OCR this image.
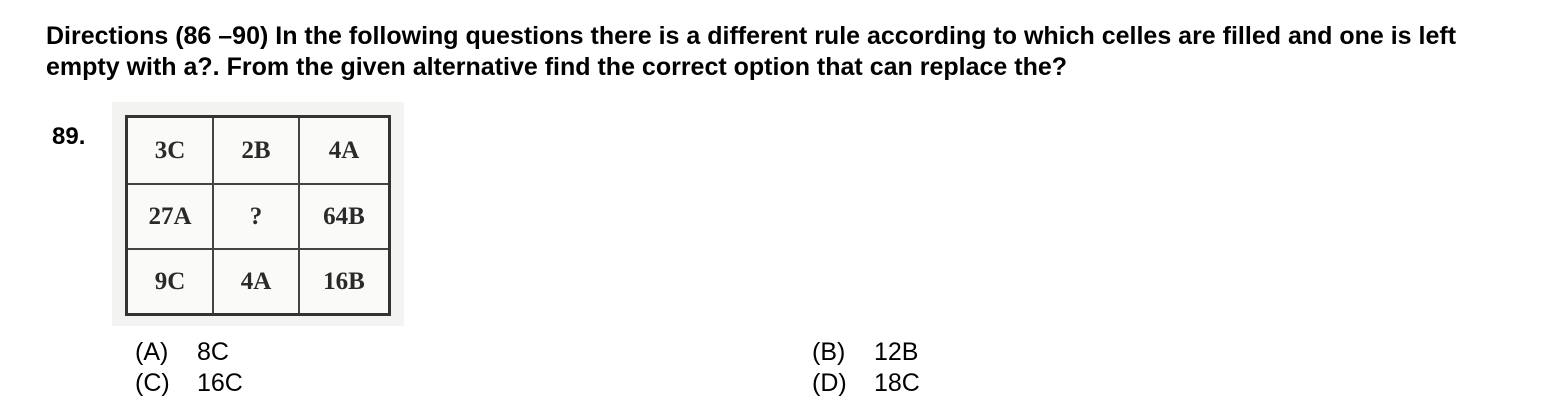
Directions (86 –90) In the following questions there is a different rule according to which celles are filled and one is left empty with a?. From the given alternative find the correct option that can replace the?

89.	3C	2B	4A
27A	?	64B
9C	4A	16B
(A) 8C
(C) 16C
(B) 12B
(D) 18C
